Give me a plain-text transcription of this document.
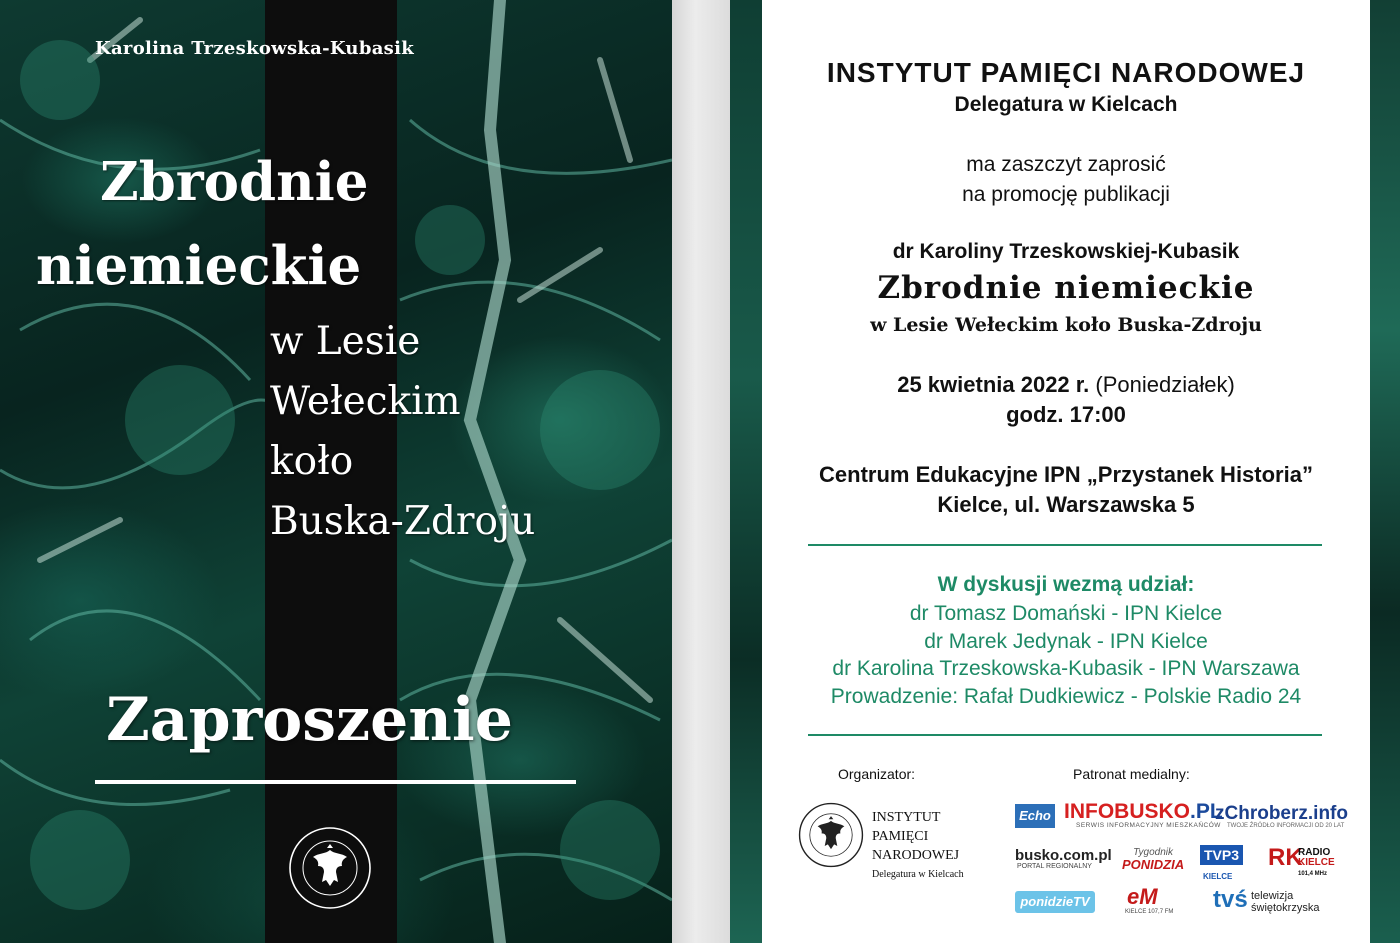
Karolina Trzeskowska-Kubasik

Zbrodnie
niemieckie
w Lesie
Wełeckim
koło
Buska-Zdroju
Zaproszenie
INSTYTUT PAMIĘCI NARODOWEJ

Delegatura w Kielcach

ma zaszczyt zaprosić

na promocję publikacji

dr Karoliny Trzeskowskiej-Kubasik

Zbrodnie niemieckie

w Lesie Wełeckim koło Buska-Zdroju

25 kwietnia 2022 r. (Poniedziałek)

godz. 17:00

Centrum Edukacyjne IPN „Przystanek Historia”

Kielce, ul. Warszawska 5

W dyskusji wezmą udział:

dr Tomasz Domański - IPN Kielce
dr Marek Jedynak - IPN Kielce
dr Karolina Trzeskowska-Kubasik - IPN Warszawa
Prowadzenie: Rafał Dudkiewicz - Polskie Radio 24

Organizator:	Patronat medialny:

INSTYTUT
PAMIĘCI
NARODOWEJ

Delegatura w Kielcach

Echo INFOBUSKO.PL
SERWIS INFORMACYJNY MIESZKAŃCÓW
zChroberz.info
TWOJE ŹRÓDŁO INFORMACJI OD 20 LAT
busko.com.pl
PORTAL REGIONALNY
Tygodnik
PONIDZIA
TVP3
KIELCE
RK
RADIO
KIELCE
101,4 MHz
ponidzieTV eM
KIELCE 107,7 FM tvś telewizja
świętokrzyska
